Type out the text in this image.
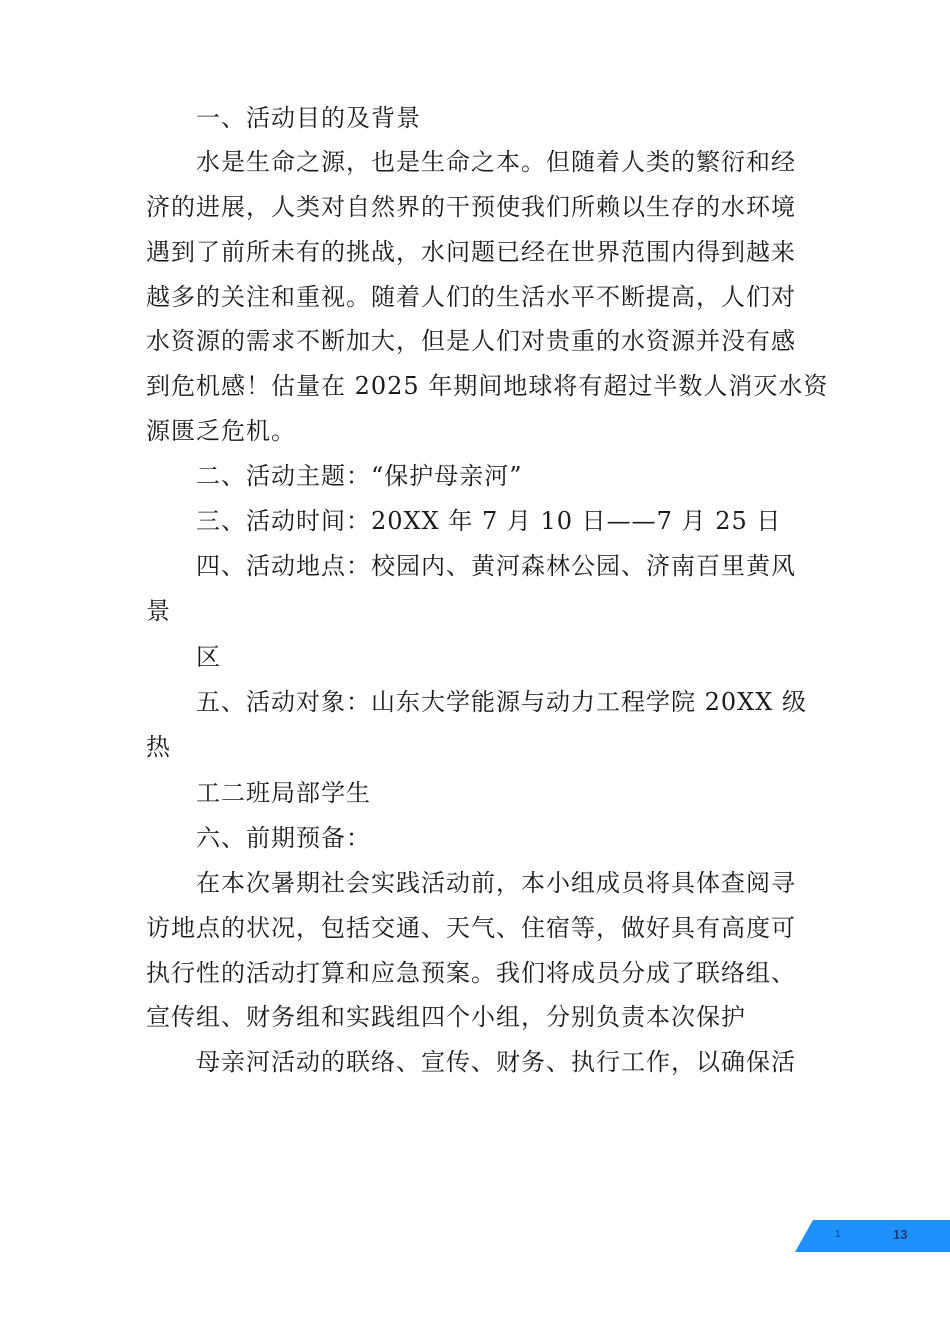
一、活动目的及背景
水是生命之源，也是生命之本。但随着人类的繁衍和经
济的进展，人类对自然界的干预使我们所赖以生存的水环境
遇到了前所未有的挑战，水问题已经在世界范围内得到越来
越多的关注和重视。随着人们的生活水平不断提高，人们对
水资源的需求不断加大，但是人们对贵重的水资源并没有感
到危机感！估量在 2025 年期间地球将有超过半数人消灭水资
源匮乏危机。
二、活动主题：“保护母亲河”
三、活动时间：20XX 年 7 月 10 日——7 月 25 日
四、活动地点：校园内、黄河森林公园、济南百里黄风
景
区
五、活动对象：山东大学能源与动力工程学院 20XX 级
热
工二班局部学生
六、前期预备：
在本次暑期社会实践活动前，本小组成员将具体查阅寻
访地点的状况，包括交通、天气、住宿等，做好具有高度可
执行性的活动打算和应急预案。我们将成员分成了联络组、
宣传组、财务组和实践组四个小组，分别负责本次保护
母亲河活动的联络、宣传、财务、执行工作，以确保活
1	13
